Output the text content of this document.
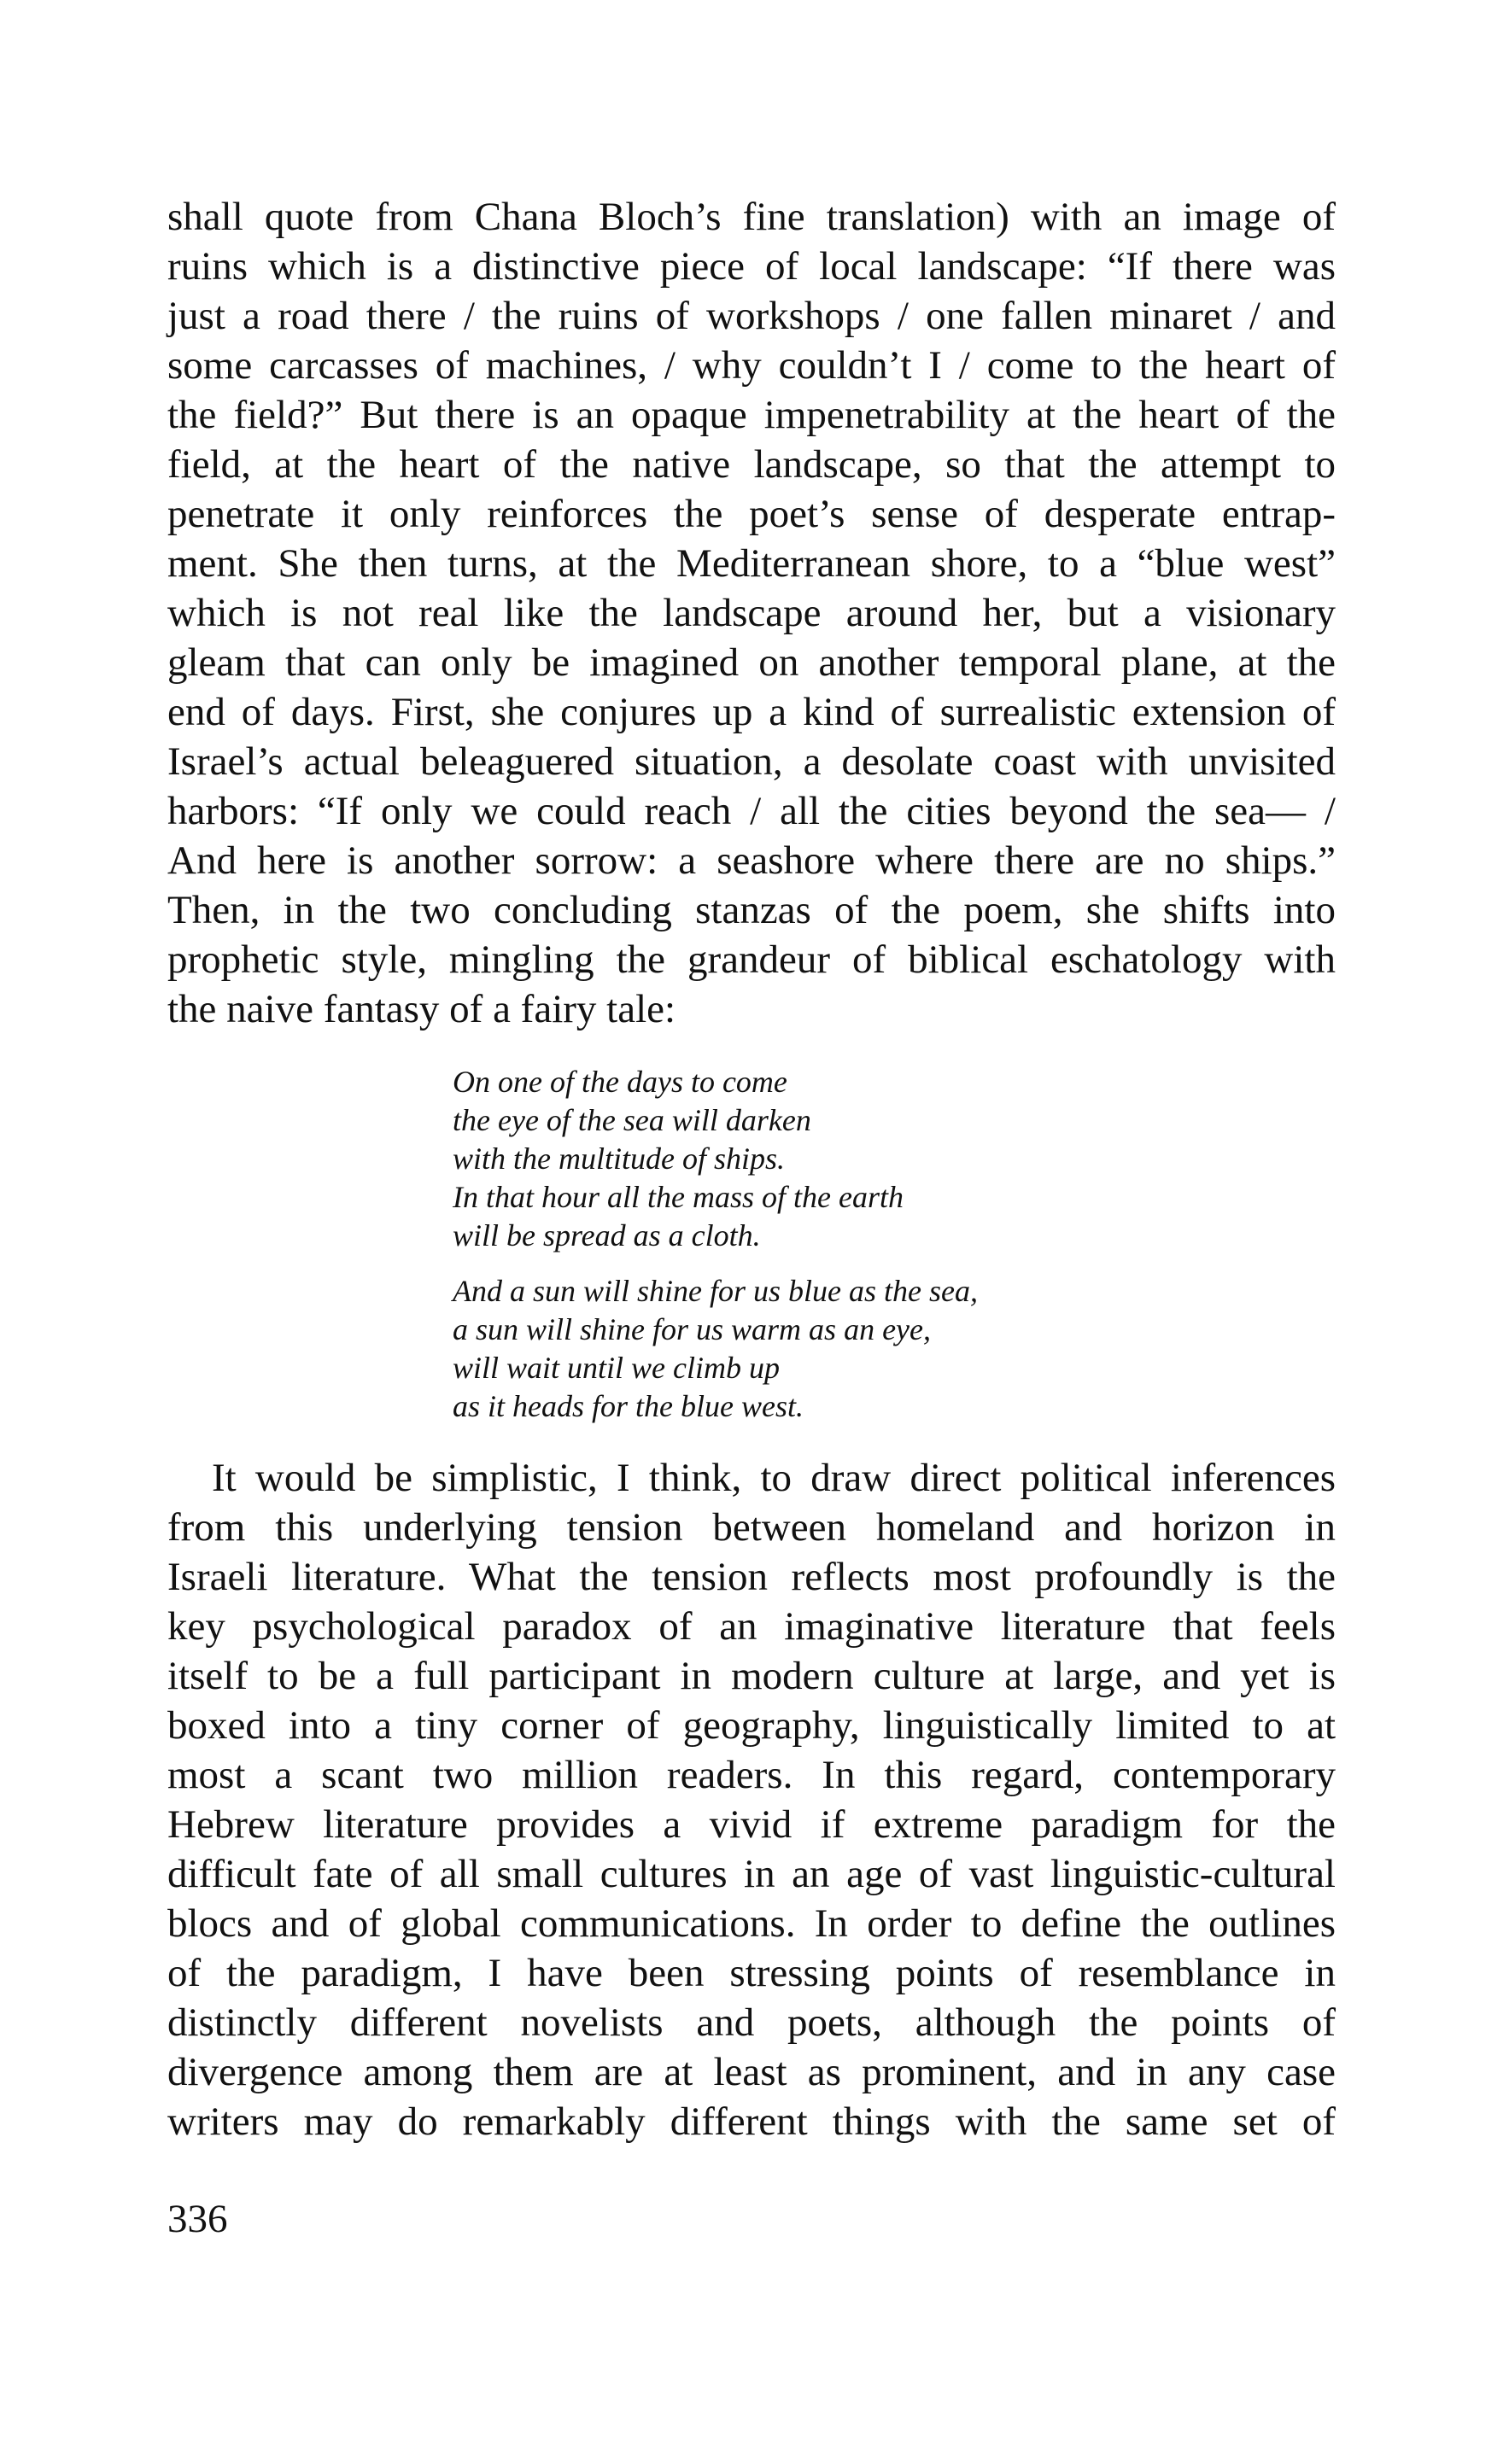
shall quote from Chana Bloch’s fine translation) with an image of
ruins which is a distinctive piece of local landscape: “If there was
just a road there / the ruins of workshops / one fallen minaret / and
some carcasses of machines, / why couldn’t I / come to the heart of
the field?” But there is an opaque impenetrability at the heart of the
field, at the heart of the native landscape, so that the attempt to
penetrate it only reinforces the poet’s sense of desperate entrap-
ment. She then turns, at the Mediterranean shore, to a “blue west”
which is not real like the landscape around her, but a visionary
gleam that can only be imagined on another temporal plane, at the
end of days. First, she conjures up a kind of surrealistic extension of
Israel’s actual beleaguered situation, a desolate coast with unvisited
harbors: “If only we could reach / all the cities beyond the sea— /
And here is another sorrow: a seashore where there are no ships.”
Then, in the two concluding stanzas of the poem, she shifts into
prophetic style, mingling the grandeur of biblical eschatology with
the naive fantasy of a fairy tale:
On one of the days to come
the eye of the sea will darken
with the multitude of ships.
In that hour all the mass of the earth
will be spread as a cloth.
And a sun will shine for us blue as the sea,
a sun will shine for us warm as an eye,
will wait until we climb up
as it heads for the blue west.
It would be simplistic, I think, to draw direct political inferences
from this underlying tension between homeland and horizon in
Israeli literature. What the tension reflects most profoundly is the
key psychological paradox of an imaginative literature that feels
itself to be a full participant in modern culture at large, and yet is
boxed into a tiny corner of geography, linguistically limited to at
most a scant two million readers. In this regard, contemporary
Hebrew literature provides a vivid if extreme paradigm for the
difficult fate of all small cultures in an age of vast linguistic-cultural
blocs and of global communications. In order to define the outlines
of the paradigm, I have been stressing points of resemblance in
distinctly different novelists and poets, although the points of
divergence among them are at least as prominent, and in any case
writers may do remarkably different things with the same set of
336
